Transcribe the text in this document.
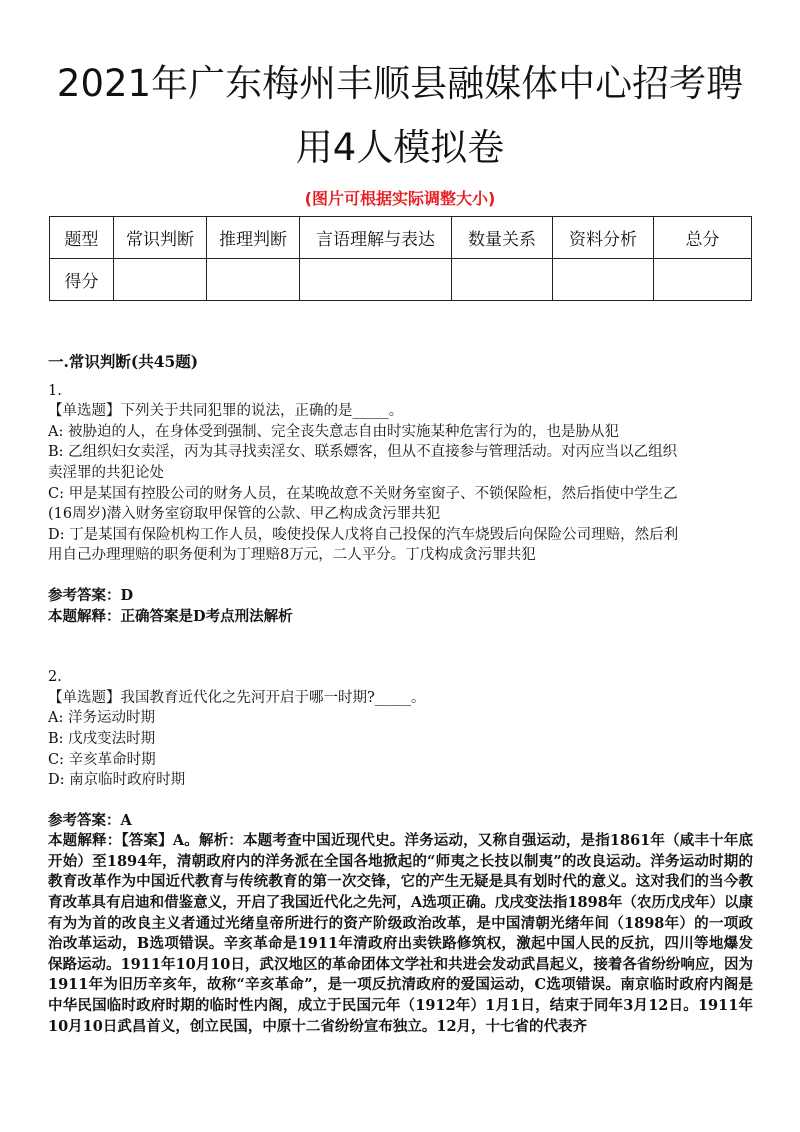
2021年广东梅州丰顺县融媒体中心招考聘
用4人模拟卷
(图片可根据实际调整大小)
题型	常识判断	推理判断	言语理解与表达	数量关系	资料分析	总分
得分						

一.常识判断(共45题)

1.

【单选题】下列关于共同犯罪的说法，正确的是_____。

A: 被胁迫的人，在身体受到强制、完全丧失意志自由时实施某种危害行为的，也是胁从犯

B: 乙组织妇女卖淫，丙为其寻找卖淫女、联系嫖客，但从不直接参与管理活动。对丙应当以乙组织

卖淫罪的共犯论处

C: 甲是某国有控股公司的财务人员，在某晚故意不关财务室窗子、不锁保险柜，然后指使中学生乙

(16周岁)潜入财务室窃取甲保管的公款、甲乙构成贪污罪共犯

D: 丁是某国有保险机构工作人员，唆使投保人戊将自己投保的汽车烧毁后向保险公司理赔，然后利

用自己办理理赔的职务便利为丁理赔8万元，二人平分。丁戊构成贪污罪共犯

参考答案：D

本题解释：正确答案是D考点刑法解析

2.

【单选题】我国教育近代化之先河开启于哪一时期?_____。

A: 洋务运动时期

B: 戊戌变法时期

C: 辛亥革命时期

D: 南京临时政府时期

参考答案：A

本题解释：【答案】A。解析：本题考查中国近现代史。洋务运动，又称自强运动，是指1861年（咸丰十年底开始）至1894年，清朝政府内的洋务派在全国各地掀起的“师夷之长技以制夷”的改良运动。洋务运动时期的教育改革作为中国近代教育与传统教育的第一次交锋，它的产生无疑是具有划时代的意义。这对我们的当今教育改革具有启迪和借鉴意义，开启了我国近代化之先河，A选项正确。戊戌变法指1898年（农历戊戌年）以康有为为首的改良主义者通过光绪皇帝所进行的资产阶级政治改革，是中国清朝光绪年间（1898年）的一项政治改革运动，B选项错误。辛亥革命是1911年清政府出卖铁路修筑权，激起中国人民的反抗，四川等地爆发保路运动。1911年10月10日，武汉地区的革命团体文学社和共进会发动武昌起义，接着各省纷纷响应，因为1911年为旧历辛亥年，故称“辛亥革命”，是一项反抗清政府的爱国运动，C选项错误。南京临时政府内阁是中华民国临时政府时期的临时性内阁，成立于民国元年（1912年）1月1日，结束于同年3月12日。1911年10月10日武昌首义，创立民国，中原十二省纷纷宣布独立。12月，十七省的代表齐
